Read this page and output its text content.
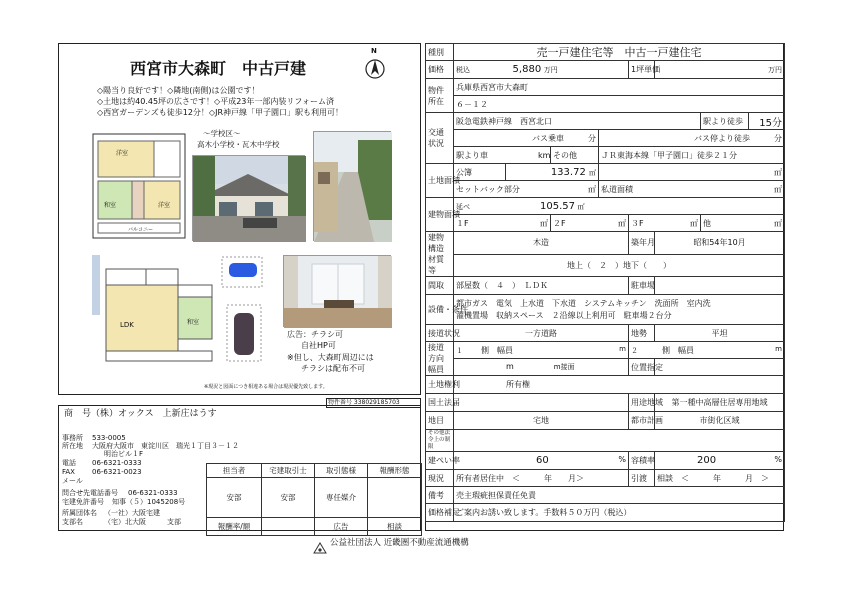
西宮市大森町　中古戸建
N
◇陽当り良好です！◇隣地(南側)は公園です！
◇土地は約40.45坪の広さです！◇平成23年一部内装リフォーム済
◇西宮ガーデンズも徒歩12分！◇JR神戸線「甲子園口」駅も利用可！
洋室
和室	洋室
バルコニー
～学校区～
高木小学校・瓦木中学校
LDK	和室
広告：チラシ可
自社HP可
※但し、大森町周辺には
チラシは配布不可
※現況と図面につき相違ある場合は現況優先致します。
物件番号 338029185703
商　号（株）オックス　上新庄はうす
事務所 533-0005
所在地 大阪府大阪市　東淀川区　瑞光１丁目３－１２
明治ビル１F
電話 06-6321-0333
FAX 06-6321-0023
メール
問合せ先電話番号 06-6321-0333
宅建免許番号 知事（５）1045208号
所属団体名 （一社）大阪宅建
支部名	（宅）北大阪　　　支部
担当者	宅建取引士	取引態様	報酬形態
安部	安部	専任媒介	
報酬率/額		広告	相談
種別	売一戸建住宅等　中古一戸建住宅							
価格	税込 5,880 万円				1坪単価	万円		
物件所在	兵庫県西宮市大森町							
	６－１２							
交通状況	阪急電鉄神戸線　西宮北口						駅より徒歩	15分
	バス乗車　　　 分			バス停より徒歩　　　 分				
	駅より車 km		その他	ＪＲ東海本線「甲子園口」徒歩２１分				
土地面積	公簿	133.72 ㎡		㎡				
	セットバック部分 ㎡			私道面積 ㎡				

建物面積	延べ 105.57 ㎡							
	１F ㎡		２F ㎡		３F ㎡		他 ㎡	

建物構造 材質等	木造				築年月	昭和54年10月		
	地上（　２　）地下（　　）							
間取	部屋数（　４　）　ＬＤＫ				駐車場			
設備・条件	都市ガス　電気　上水道　下水道　システムキッチン　洗面所　室内洗
濯機置場　収納スペース　２沿線以上利用可　駐車場２台分							

接道状況	一方道路				地勢	平坦		
接道方向幅員	１ 側　 幅員 m				２ 側　 幅員 m			

	m m接面				位置指定			
土地権利	所有権							
国土法届					用途地域	第一種中高層住居専用地域		
地目	宅地				都市計画	市街化区域		
その他法令上の制限								
建ぺい率	60 %				容積率	200 %		

現況	所有者居住中　＜　　　年　　月＞				引渡	相談　＜　　　年　　　月　＞		
備考	売主瑕疵担保責任免責							
価格補足	ご案内お誘い致します。手数料５０万円（税込）							
公益社団法人 近畿圏不動産流通機構
